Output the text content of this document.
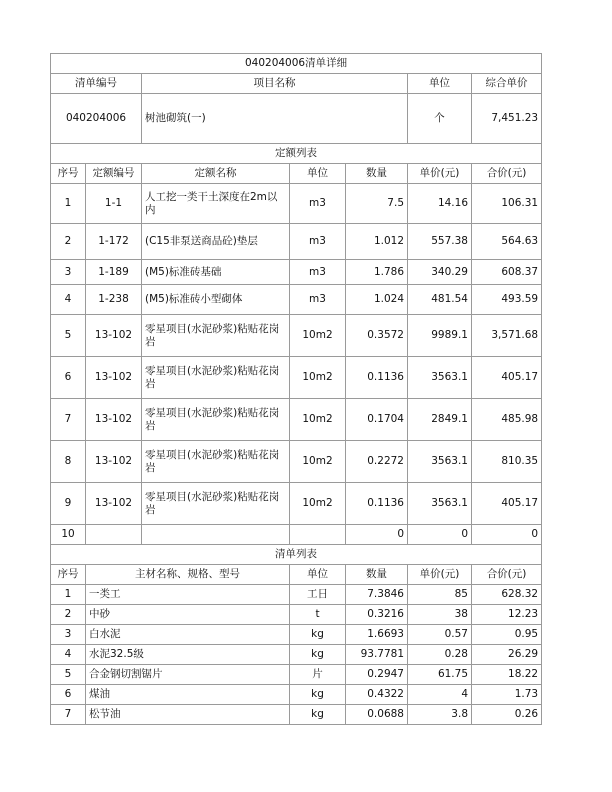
040204006清单详细						
清单编号		项目名称			单位	综合单价
040204006		树池砌筑(一)			个	7,451.23
定额列表						
序号	定额编号	定额名称	单位	数量	单价(元)	合价(元)
1	1-1	人工挖一类干土深度在2m以内	m3	7.5	14.16	106.31
2	1-172	(C15非泵送商品砼)垫层	m3	1.012	557.38	564.63
3	1-189	(M5)标准砖基础	m3	1.786	340.29	608.37
4	1-238	(M5)标准砖小型砌体	m3	1.024	481.54	493.59
5	13-102	零星项目(水泥砂浆)粘贴花岗岩	10m2	0.3572	9989.1	3,571.68
6	13-102	零星项目(水泥砂浆)粘贴花岗岩	10m2	0.1136	3563.1	405.17
7	13-102	零星项目(水泥砂浆)粘贴花岗岩	10m2	0.1704	2849.1	485.98
8	13-102	零星项目(水泥砂浆)粘贴花岗岩	10m2	0.2272	3563.1	810.35
9	13-102	零星项目(水泥砂浆)粘贴花岗岩	10m2	0.1136	3563.1	405.17
10				0	0	0
清单列表						
序号	主材名称、规格、型号		单位	数量	单价(元)	合价(元)
1	一类工		工日	7.3846	85	628.32
2	中砂		t	0.3216	38	12.23
3	白水泥		kg	1.6693	0.57	0.95
4	水泥32.5级		kg	93.7781	0.28	26.29
5	合金钢切割锯片		片	0.2947	61.75	18.22
6	煤油		kg	0.4322	4	1.73
7	松节油		kg	0.0688	3.8	0.26
